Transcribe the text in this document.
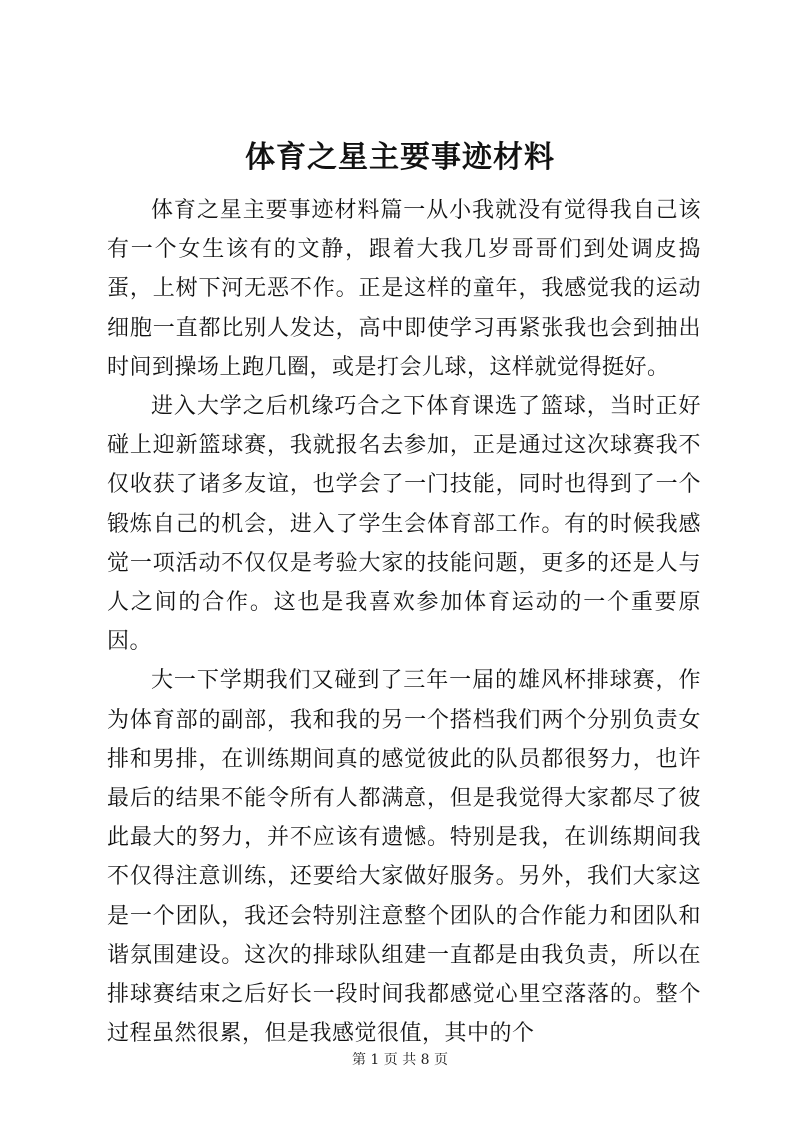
体育之星主要事迹材料

体育之星主要事迹材料篇一从小我就没有觉得我自己该有一个女生该有的文静，跟着大我几岁哥哥们到处调皮捣蛋，上树下河无恶不作。正是这样的童年，我感觉我的运动细胞一直都比别人发达，高中即使学习再紧张我也会到抽出时间到操场上跑几圈，或是打会儿球，这样就觉得挺好。

进入大学之后机缘巧合之下体育课选了篮球，当时正好碰上迎新篮球赛，我就报名去参加，正是通过这次球赛我不仅收获了诸多友谊，也学会了一门技能，同时也得到了一个锻炼自己的机会，进入了学生会体育部工作。有的时候我感觉一项活动不仅仅是考验大家的技能问题，更多的还是人与人之间的合作。这也是我喜欢参加体育运动的一个重要原因。

大一下学期我们又碰到了三年一届的雄风杯排球赛，作为体育部的副部，我和我的另一个搭档我们两个分别负责女排和男排，在训练期间真的感觉彼此的队员都很努力，也许最后的结果不能令所有人都满意，但是我觉得大家都尽了彼此最大的努力，并不应该有遗憾。特别是我，在训练期间我不仅得注意训练，还要给大家做好服务。另外，我们大家这是一个团队，我还会特别注意整个团队的合作能力和团队和谐氛围建设。这次的排球队组建一直都是由我负责，所以在排球赛结束之后好长一段时间我都感觉心里空落落的。整个过程虽然很累，但是我感觉很值，其中的个

第 1 页 共 8 页
